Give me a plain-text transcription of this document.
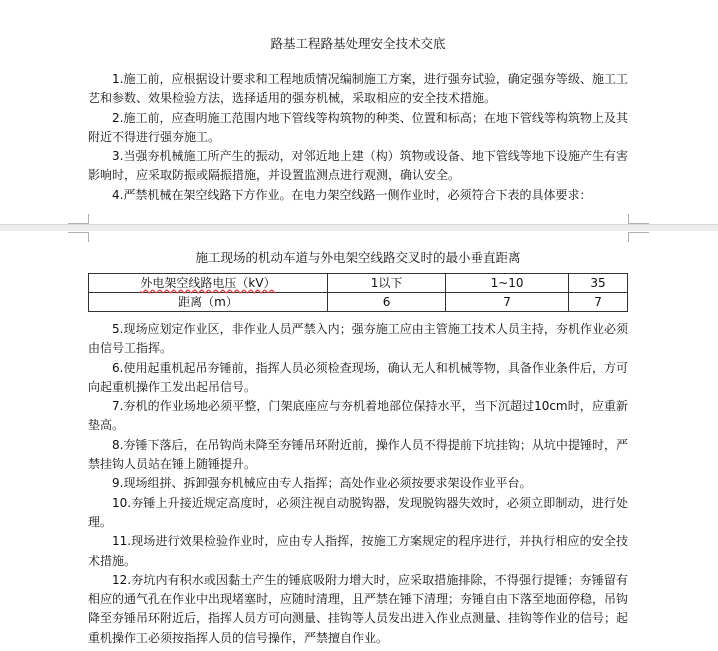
路基工程路基处理安全技术交底

1.施工前，应根据设计要求和工程地质情况编制施工方案，进行强夯试验，确定强夯等级、施工工艺和参数、效果检验方法，选择适用的强夯机械，采取相应的安全技术措施。

2.施工前，应查明施工范围内地下管线等构筑物的种类、位置和标高；在地下管线等构筑物上及其附近不得进行强夯施工。

3.当强夯机械施工所产生的振动，对邻近地上建（构）筑物或设备、地下管线等地下设施产生有害影响时，应采取防振或隔振措施，并设置监测点进行观测，确认安全。

4.严禁机械在架空线路下方作业。在电力架空线路一侧作业时，必须符合下表的具体要求：

施工现场的机动车道与外电架空线路交叉时的最小垂直距离
外电架空线路电压（kV）	1以下	1~10	35
距离（m）	6	7	7

5.现场应划定作业区，非作业人员严禁入内；强夯施工应由主管施工技术人员主持，夯机作业必须由信号工指挥。

6.使用起重机起吊夯锤前，指挥人员必须检查现场，确认无人和机械等物，具备作业条件后，方可向起重机操作工发出起吊信号。

7.夯机的作业场地必须平整，门架底座应与夯机着地部位保持水平，当下沉超过10cm时，应重新垫高。

8.夯锤下落后，在吊钩尚未降至夯锤吊环附近前，操作人员不得提前下坑挂钩；从坑中提锤时，严禁挂钩人员站在锤上随锤提升。

9.现场组拼、拆卸强夯机械应由专人指挥；高处作业必须按要求架设作业平台。

10.夯锤上升接近规定高度时，必须注视自动脱钩器，发现脱钩器失效时，必须立即制动，进行处理。

11.现场进行效果检验作业时，应由专人指挥，按施工方案规定的程序进行，并执行相应的安全技术措施。

12.夯坑内有积水或因黏土产生的锤底吸附力增大时，应采取措施排除，不得强行提锤；夯锤留有相应的通气孔在作业中出现堵塞时，应随时清理，且严禁在锤下清理；夯锤自由下落至地面停稳，吊钩降至夯锤吊环附近后，指挥人员方可向测量、挂钩等人员发出进入作业点测量、挂钩等作业的信号；起重机操作工必须按指挥人员的信号操作，严禁擅自作业。
